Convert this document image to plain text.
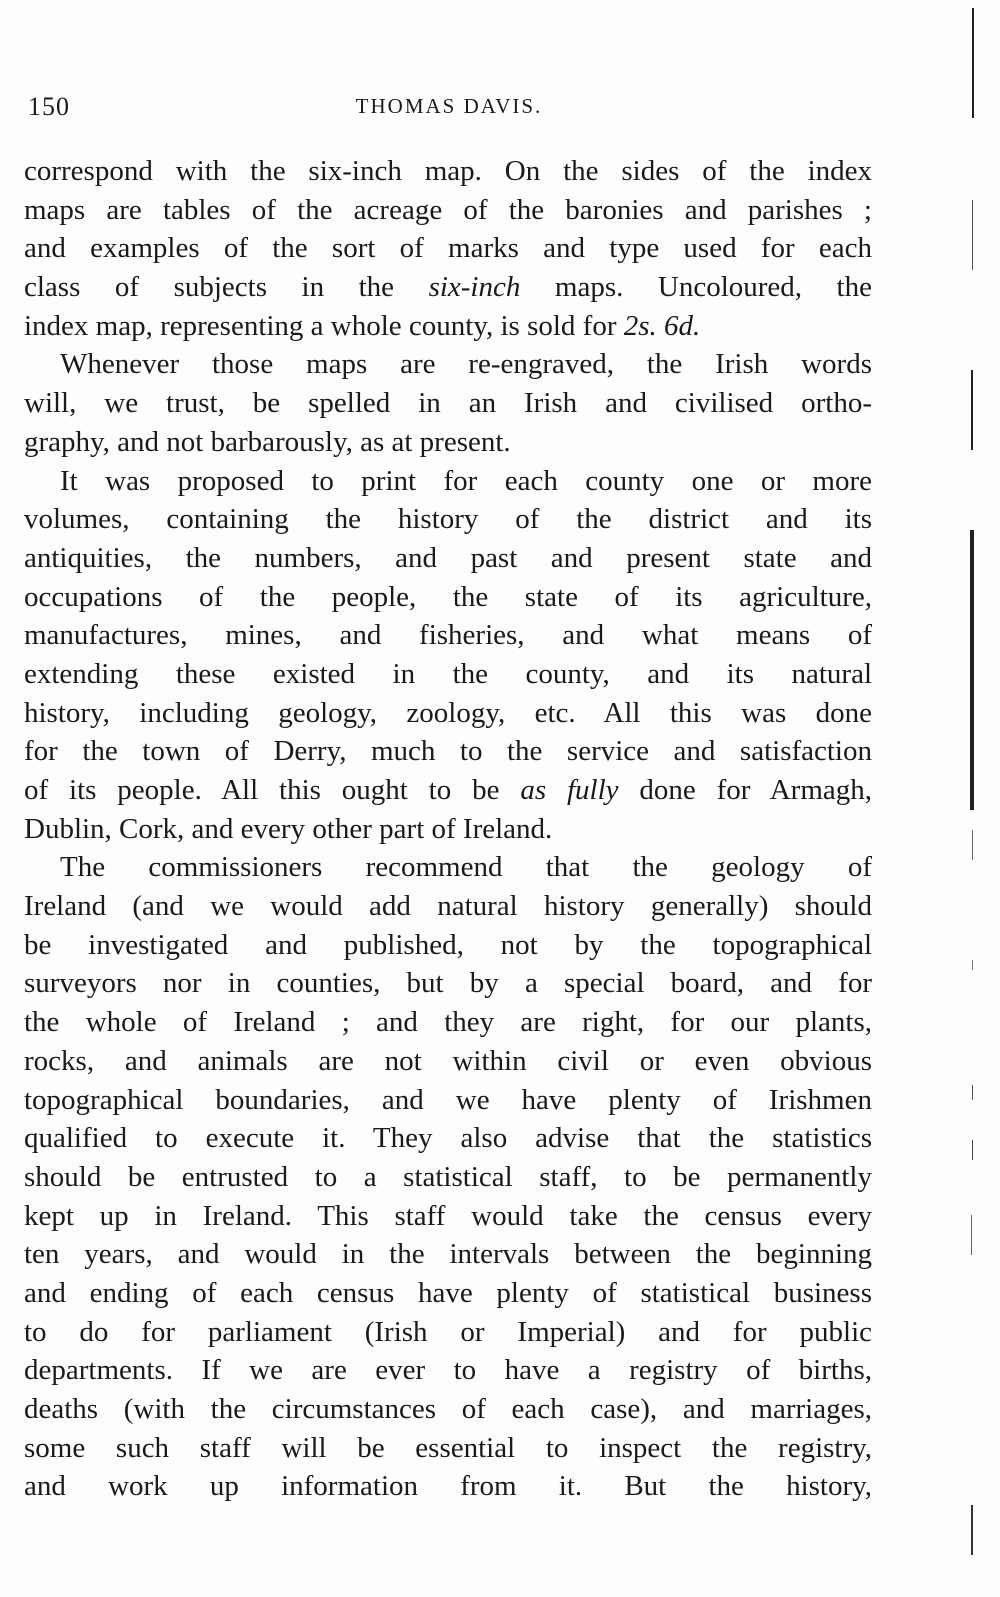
150	THOMAS DAVIS.
correspond with the six-inch map. On the sides of the index
maps are tables of the acreage of the baronies and parishes ;
and examples of the sort of marks and type used for each
class of subjects in the six-inch maps. Uncoloured, the
index map, representing a whole county, is sold for 2s. 6d.
Whenever those maps are re-engraved, the Irish words
will, we trust, be spelled in an Irish and civilised ortho-
graphy, and not barbarously, as at present.
It was proposed to print for each county one or more
volumes, containing the history of the district and its
antiquities, the numbers, and past and present state and
occupations of the people, the state of its agriculture,
manufactures, mines, and fisheries, and what means of
extending these existed in the county, and its natural
history, including geology, zoology, etc. All this was done
for the town of Derry, much to the service and satisfaction
of its people. All this ought to be as fully done for Armagh,
Dublin, Cork, and every other part of Ireland.
The commissioners recommend that the geology of
Ireland (and we would add natural history generally) should
be investigated and published, not by the topographical
surveyors nor in counties, but by a special board, and for
the whole of Ireland ; and they are right, for our plants,
rocks, and animals are not within civil or even obvious
topographical boundaries, and we have plenty of Irishmen
qualified to execute it. They also advise that the statistics
should be entrusted to a statistical staff, to be permanently
kept up in Ireland. This staff would take the census every
ten years, and would in the intervals between the beginning
and ending of each census have plenty of statistical business
to do for parliament (Irish or Imperial) and for public
departments. If we are ever to have a registry of births,
deaths (with the circumstances of each case), and marriages,
some such staff will be essential to inspect the registry,
and work up information from it. But the history,
